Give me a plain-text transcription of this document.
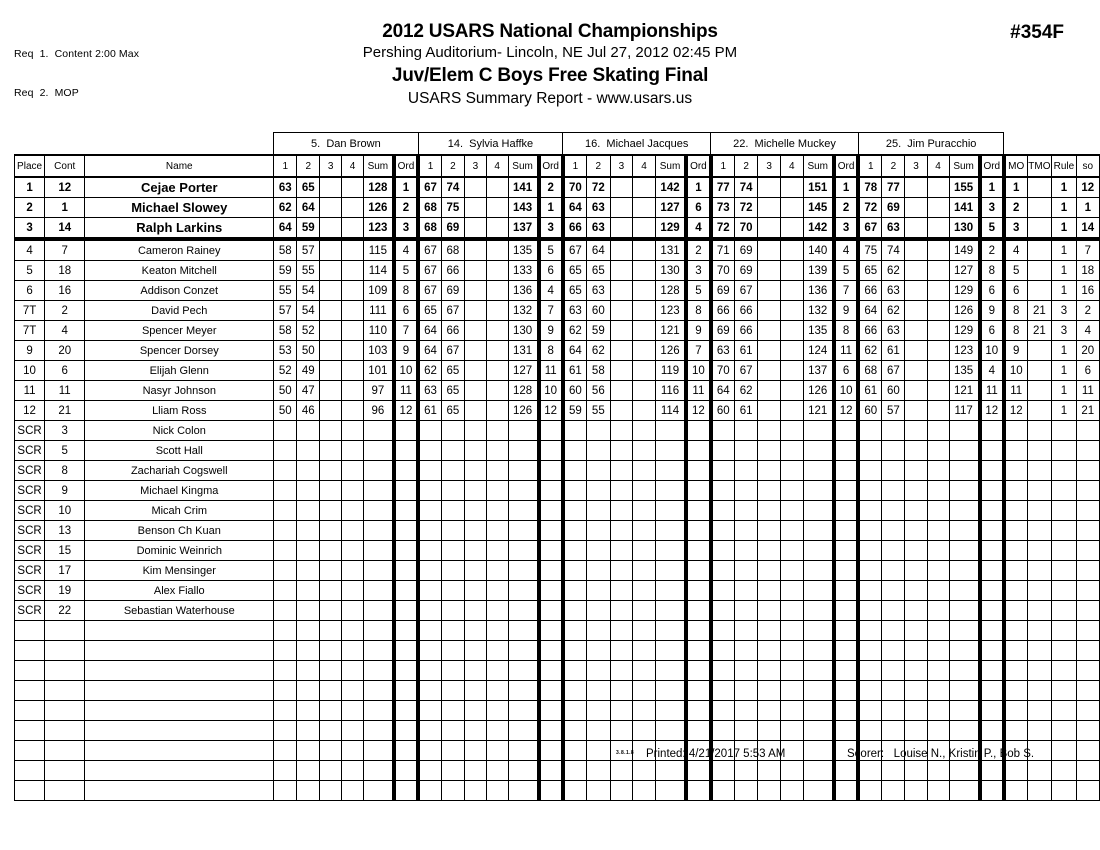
Req  1.  Content 2:00 Max

Req  2.  MOP

2012 USARS National Championships
Pershing Auditorium- Lincoln, NE Jul 27, 2012 02:45 PM
Juv/Elem C Boys Free Skating Final
USARS Summary Report - www.usars.us
#354F
			5.  Dan Brown						14.  Sylvia Haffke						16.  Michael Jacques						22.  Michelle Muckey						25.  Jim Puracchio									
Place	Cont	Name	1	2	3	4	Sum	Ord	1	2	3	4	Sum	Ord	1	2	3	4	Sum	Ord	1	2	3	4	Sum	Ord	1	2	3	4	Sum	Ord	MO	TMO	Rule	so
1	12	Cejae Porter	63	65			128	1	67	74			141	2	70	72			142	1	77	74			151	1	78	77			155	1	1		1	12
2	1	Michael Slowey	62	64			126	2	68	75			143	1	64	63			127	6	73	72			145	2	72	69			141	3	2		1	1
3	14	Ralph Larkins	64	59			123	3	68	69			137	3	66	63			129	4	72	70			142	3	67	63			130	5	3		1	14
4	7	Cameron Rainey	58	57			115	4	67	68			135	5	67	64			131	2	71	69			140	4	75	74			149	2	4		1	7
5	18	Keaton Mitchell	59	55			114	5	67	66			133	6	65	65			130	3	70	69			139	5	65	62			127	8	5		1	18
6	16	Addison Conzet	55	54			109	8	67	69			136	4	65	63			128	5	69	67			136	7	66	63			129	6	6		1	16
7T	2	David Pech	57	54			111	6	65	67			132	7	63	60			123	8	66	66			132	9	64	62			126	9	8	21	3	2
7T	4	Spencer Meyer	58	52			110	7	64	66			130	9	62	59			121	9	69	66			135	8	66	63			129	6	8	21	3	4
9	20	Spencer Dorsey	53	50			103	9	64	67			131	8	64	62			126	7	63	61			124	11	62	61			123	10	9		1	20
10	6	Elijah Glenn	52	49			101	10	62	65			127	11	61	58			119	10	70	67			137	6	68	67			135	4	10		1	6
11	11	Nasyr Johnson	50	47			97	11	63	65			128	10	60	56			116	11	64	62			126	10	61	60			121	11	11		1	11
12	21	Lliam Ross	50	46			96	12	61	65			126	12	59	55			114	12	60	61			121	12	60	57			117	12	12		1	21
SCR	3	Nick Colon																																		
SCR	5	Scott Hall																																		
SCR	8	Zachariah Cogswell																																		
SCR	9	Michael Kingma																																		
SCR	10	Micah Crim																																		
SCR	13	Benson Ch Kuan																																		
SCR	15	Dominic Weinrich																																		
SCR	17	Kim Mensinger																																		
SCR	19	Alex Fiallo																																		
SCR	22	Sebastian Waterhouse																																		

3.8.1.8 Printed: 4/21/2017 5:53 AM	Scorer: Louise N., Kristin P., Bob S.
